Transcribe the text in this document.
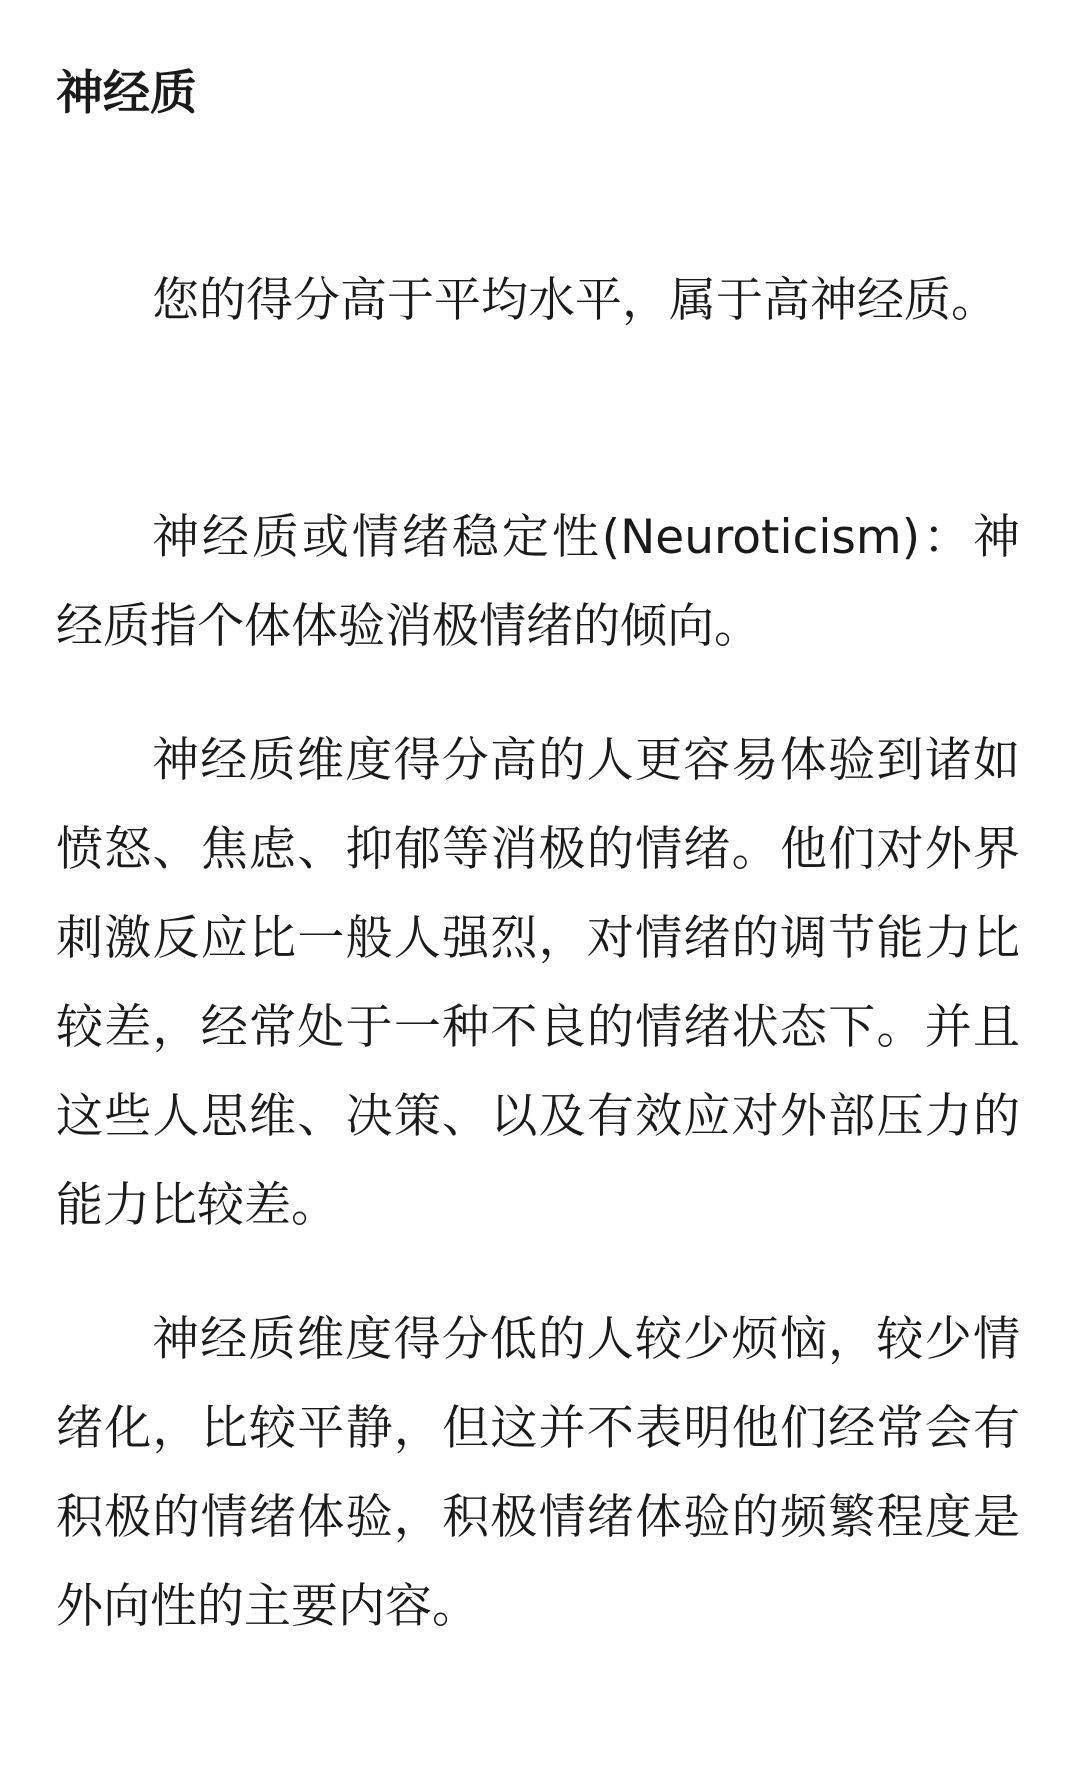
神经质

您的得分高于平均水平，属于高神经质。

神经质或情绪稳定性(Neuroticism)：神经质指个体体验消极情绪的倾向。

神经质维度得分高的人更容易体验到诸如愤怒、焦虑、抑郁等消极的情绪。他们对外界刺激反应比一般人强烈，对情绪的调节能力比较差，经常处于一种不良的情绪状态下。并且这些人思维、决策、以及有效应对外部压力的能力比较差。

神经质维度得分低的人较少烦恼，较少情绪化，比较平静，但这并不表明他们经常会有积极的情绪体验，积极情绪体验的频繁程度是外向性的主要内容。
